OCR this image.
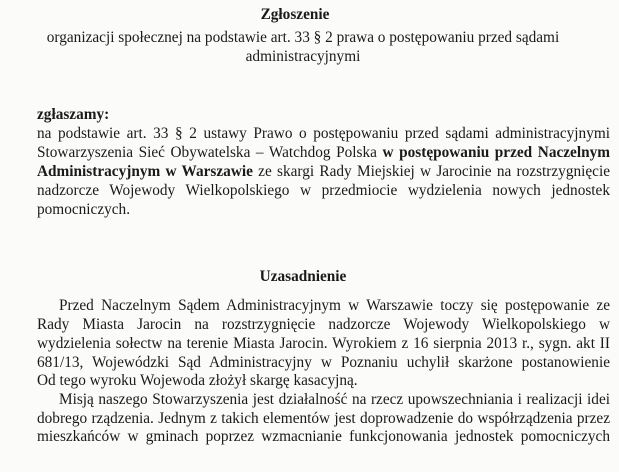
Zgłoszenie
organizacji społecznej na podstawie art. 33 § 2 prawa o postępowaniu przed sądami
administracyjnymi
zgłaszamy:
na podstawie art. 33 § 2 ustawy Prawo o postępowaniu przed sądami administracyjnymi
Stowarzyszenia Sieć Obywatelska – Watchdog Polska w postępowaniu przed Naczelnym
Administracyjnym w Warszawie ze skargi Rady Miejskiej w Jarocinie na rozstrzygnięcie
nadzorcze Wojewody Wielkopolskiego w przedmiocie wydzielenia nowych jednostek
pomocniczych.
Uzasadnienie
Przed Naczelnym Sądem Administracyjnym w Warszawie toczy się postępowanie ze
Rady Miasta Jarocin na rozstrzygnięcie nadzorcze Wojewody Wielkopolskiego w
wydzielenia sołectw na terenie Miasta Jarocin. Wyrokiem z 16 sierpnia 2013 r., sygn. akt II
681/13, Wojewódzki Sąd Administracyjny w Poznaniu uchylił skarżone postanowienie
Od tego wyroku Wojewoda złożył skargę kasacyjną.
Misją naszego Stowarzyszenia jest działalność na rzecz upowszechniania i realizacji idei
dobrego rządzenia. Jednym z takich elementów jest doprowadzenie do współrządzenia przez
mieszkańców w gminach poprzez wzmacnianie funkcjonowania jednostek pomocniczych
